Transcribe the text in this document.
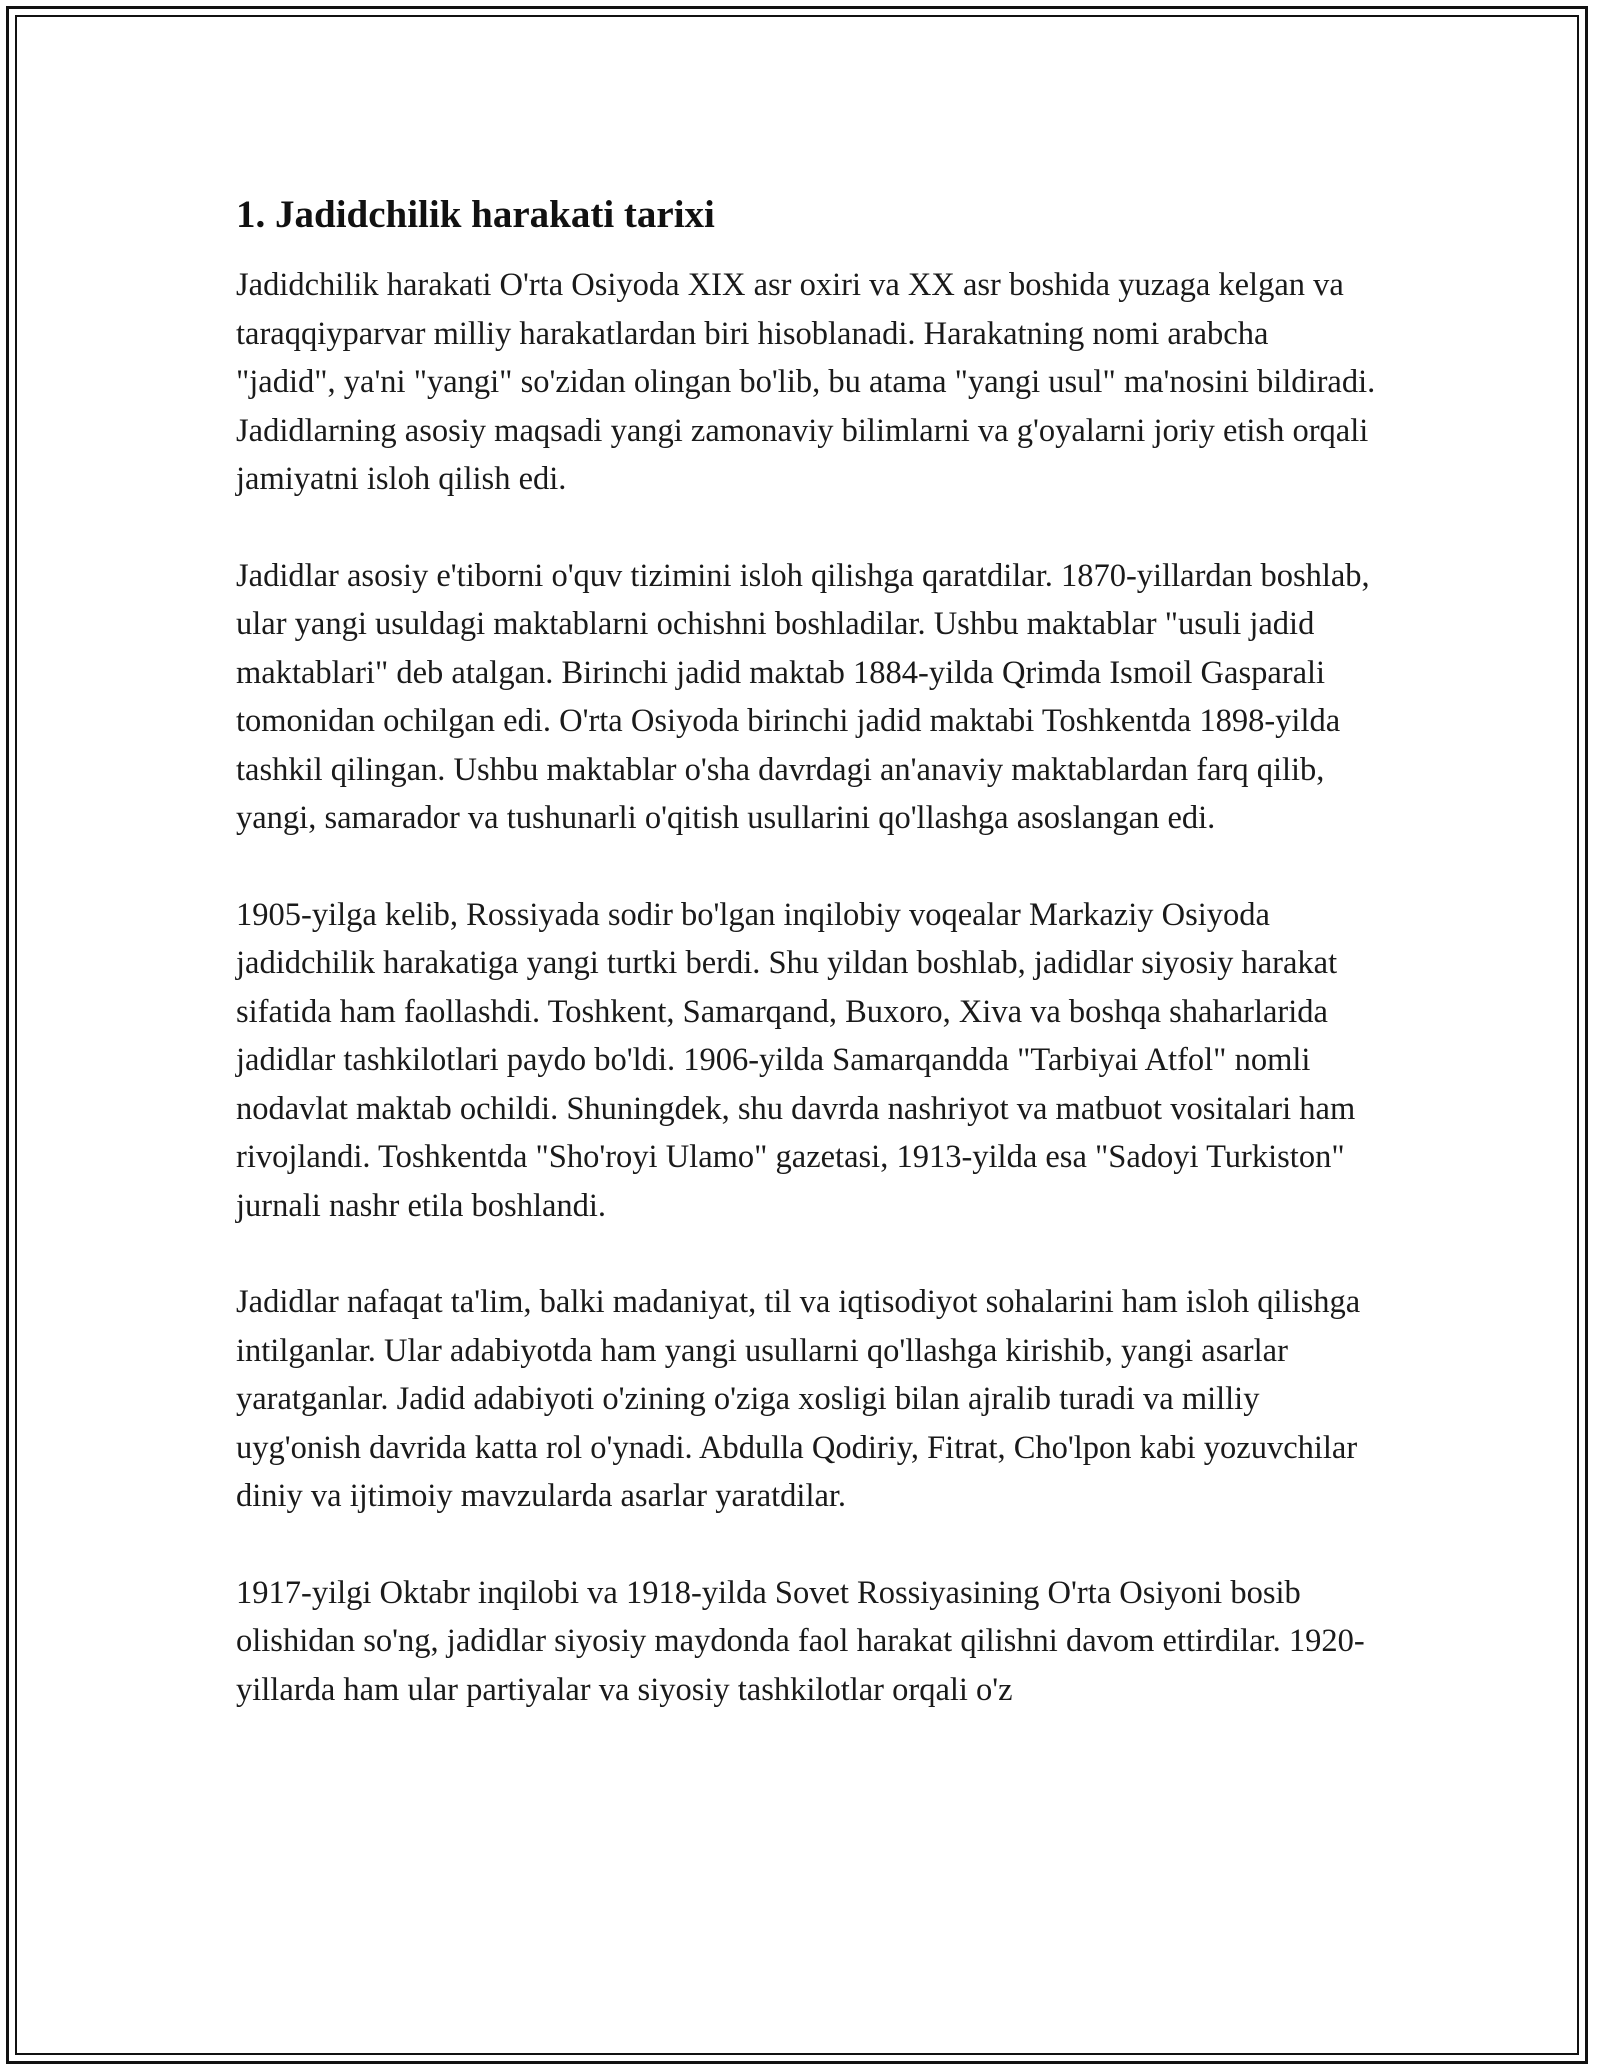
1. Jadidchilik harakati tarixi

Jadidchilik harakati O'rta Osiyoda XIX asr oxiri va XX asr boshida yuzaga kelgan va taraqqiyparvar milliy harakatlardan biri hisoblanadi. Harakatning nomi arabcha "jadid", ya'ni "yangi" so'zidan olingan bo'lib, bu atama "yangi usul" ma'nosini bildiradi. Jadidlarning asosiy maqsadi yangi zamonaviy bilimlarni va g'oyalarni joriy etish orqali jamiyatni isloh qilish edi.

Jadidlar asosiy e'tiborni o'quv tizimini isloh qilishga qaratdilar. 1870-yillardan boshlab, ular yangi usuldagi maktablarni ochishni boshladilar. Ushbu maktablar "usuli jadid maktablari" deb atalgan. Birinchi jadid maktab 1884-yilda Qrimda Ismoil Gasparali tomonidan ochilgan edi. O'rta Osiyoda birinchi jadid maktabi Toshkentda 1898-yilda tashkil qilingan. Ushbu maktablar o'sha davrdagi an'anaviy maktablardan farq qilib, yangi, samarador va tushunarli o'qitish usullarini qo'llashga asoslangan edi.

1905-yilga kelib, Rossiyada sodir bo'lgan inqilobiy voqealar Markaziy Osiyoda jadidchilik harakatiga yangi turtki berdi. Shu yildan boshlab, jadidlar siyosiy harakat sifatida ham faollashdi. Toshkent, Samarqand, Buxoro, Xiva va boshqa shaharlarida jadidlar tashkilotlari paydo bo'ldi. 1906-yilda Samarqandda "Tarbiyai Atfol" nomli nodavlat maktab ochildi. Shuningdek, shu davrda nashriyot va matbuot vositalari ham rivojlandi. Toshkentda "Sho'royi Ulamo" gazetasi, 1913-yilda esa "Sadoyi Turkiston" jurnali nashr etila boshlandi.

Jadidlar nafaqat ta'lim, balki madaniyat, til va iqtisodiyot sohalarini ham isloh qilishga intilganlar. Ular adabiyotda ham yangi usullarni qo'llashga kirishib, yangi asarlar yaratganlar. Jadid adabiyoti o'zining o'ziga xosligi bilan ajralib turadi va milliy uyg'onish davrida katta rol o'ynadi. Abdulla Qodiriy, Fitrat, Cho'lpon kabi yozuvchilar diniy va ijtimoiy mavzularda asarlar yaratdilar.

1917-yilgi Oktabr inqilobi va 1918-yilda Sovet Rossiyasining O'rta Osiyoni bosib olishidan so'ng, jadidlar siyosiy maydonda faol harakat qilishni davom ettirdilar. 1920-yillarda ham ular partiyalar va siyosiy tashkilotlar orqali o'z
